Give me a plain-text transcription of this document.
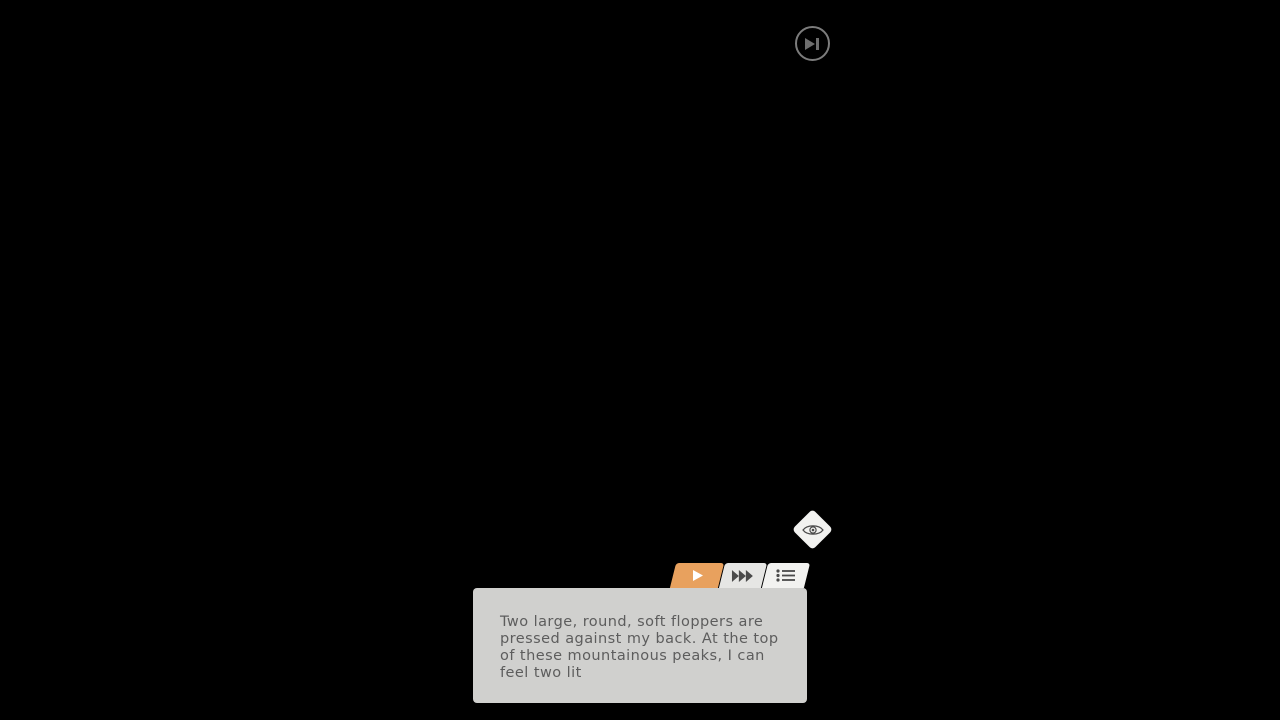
Two large, round, soft floppers are pressed against my back. At the top of these mountainous peaks, I can feel two lit
